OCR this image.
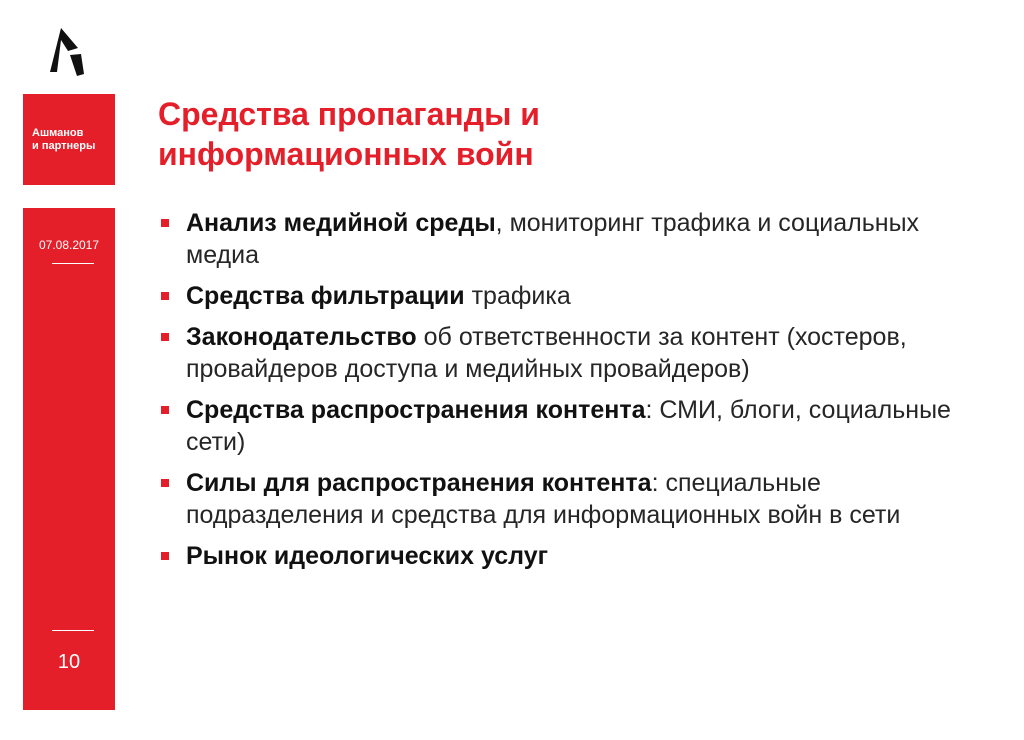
Ашманов
и партнеры
07.08.2017
10
Средства пропаганды и
информационных войн
Анализ медийной среды, мониторинг трафика и социальных медиа
Средства фильтрации трафика
Законодательство об ответственности за контент (хостеров, провайдеров доступа и медийных провайдеров)
Средства распространения контента: СМИ, блоги, социальные сети)
Силы для распространения контента: специальные подразделения и средства для информационных войн в сети
Рынок идеологических услуг
